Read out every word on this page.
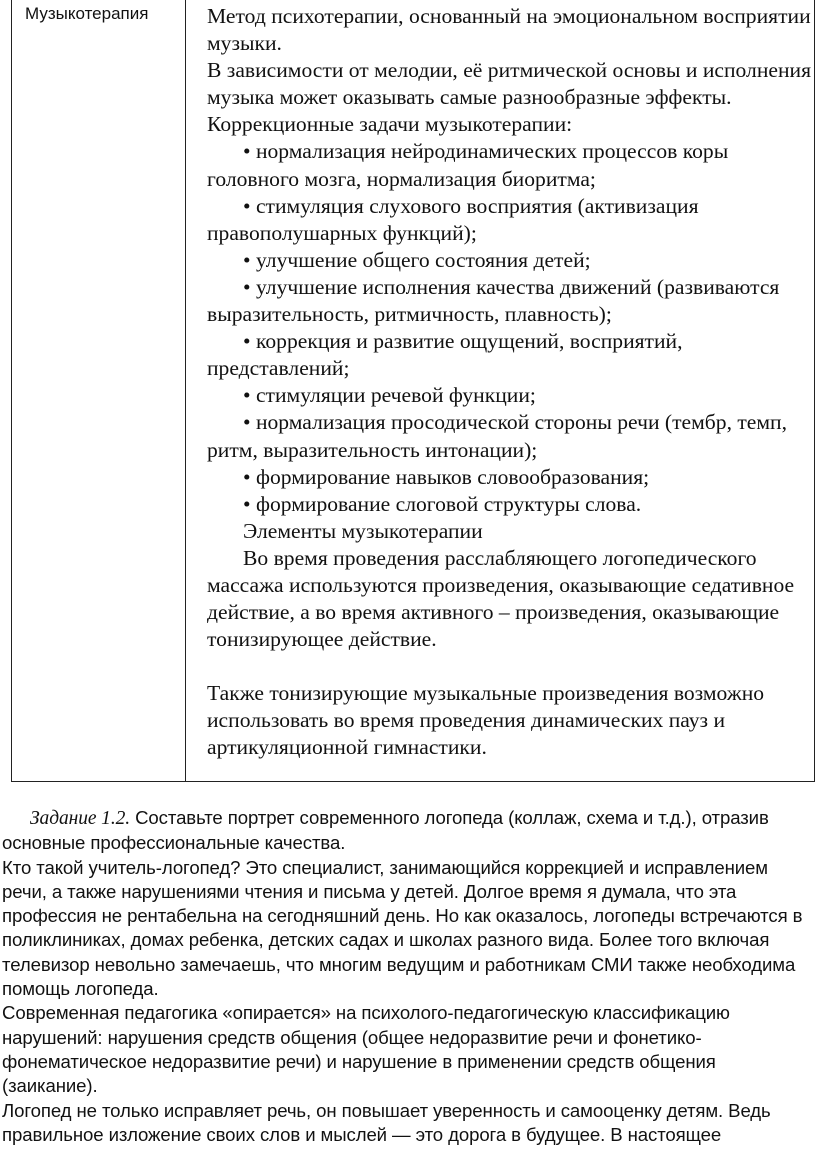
Музыкотерапия	Метод психотерапии, основанный на эмоциональном восприятии музыки.

В зависимости от мелодии, её ритмической основы и исполнения музыка может оказывать самые разнообразные эффекты.

Коррекционные задачи музыкотерапии:

• нормализация нейродинамических процессов коры головного мозга, нормализация биоритма;

• стимуляция слухового восприятия (активизация правополушарных функций);

• улучшение общего состояния детей;

• улучшение исполнения качества движений (развиваются выразительность, ритмичность, плавность);

• коррекция и развитие ощущений, восприятий, представлений;

• стимуляции речевой функции;

• нормализация просодической стороны речи (тембр, темп, ритм, выразительность интонации);

• формирование навыков словообразования;

• формирование слоговой структуры слова.

Элементы музыкотерапии

Во время проведения расслабляющего логопедического массажа используются произведения, оказывающие седативное действие, а во время активного – произведения, оказывающие тонизирующее действие.

Также тонизирующие музыкальные произведения возможно использовать во время проведения динамических пауз и артикуляционной гимнастики.

Задание 1.2. Составьте портрет современного логопеда (коллаж, схема и т.д.), отразив основные профессиональные качества.

Кто такой учитель-логопед? Это специалист, занимающийся коррекцией и исправлением речи, а также нарушениями чтения и письма у детей. Долгое время я думала, что эта профессия не рентабельна на сегодняшний день. Но как оказалось, логопеды встречаются в поликлиниках, домах ребенка, детских садах и школах разного вида. Более того включая телевизор невольно замечаешь, что многим ведущим и работникам СМИ также необходима помощь логопеда.

Современная педагогика «опирается» на психолого-педагогическую классификацию нарушений: нарушения средств общения (общее недоразвитие речи и фонетико-фонематическое недоразвитие речи) и нарушение в применении средств общения (заикание).

Логопед не только исправляет речь, он повышает уверенность и самооценку детям. Ведь правильное изложение своих слов и мыслей — это дорога в будущее. В настоящее
